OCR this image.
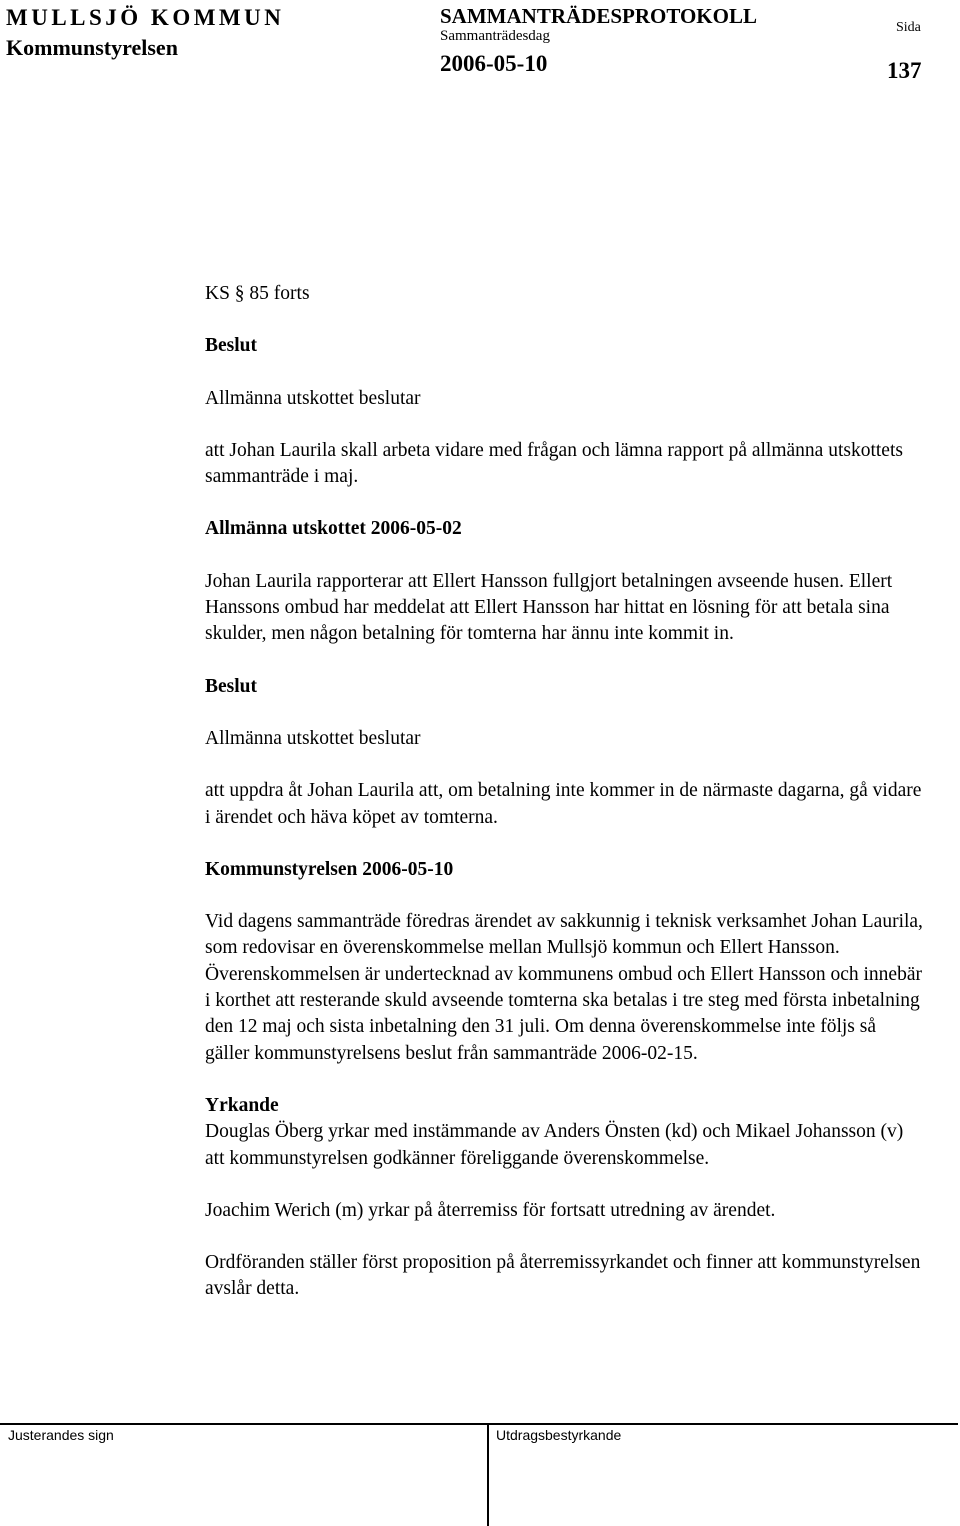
MULLSJÖ KOMMUN
Kommunstyrelsen
SAMMANTRÄDESPROTOKOLL
Sammanträdesdag
2006-05-10
Sida
137

KS § 85 forts

Beslut

Allmänna utskottet beslutar

att Johan Laurila skall arbeta vidare med frågan och lämna rapport på allmänna utskottets sammanträde i maj.

Allmänna utskottet 2006-05-02

Johan Laurila rapporterar att Ellert Hansson fullgjort betalningen avseende husen. Ellert Hanssons ombud har meddelat att Ellert Hansson har hittat en lösning för att betala sina skulder, men någon betalning för tomterna har ännu inte kommit in.

Beslut

Allmänna utskottet beslutar

att uppdra åt Johan Laurila att, om betalning inte kommer in de närmaste dagarna, gå vidare i ärendet och häva köpet av tomterna.

Kommunstyrelsen 2006-05-10

Vid dagens sammanträde föredras ärendet av sakkunnig i teknisk verksamhet Johan Laurila, som redovisar en överenskommelse mellan Mullsjö kommun och Ellert Hansson. Överenskommelsen är undertecknad av kommunens ombud och Ellert Hansson och innebär i korthet att resterande skuld avseende tomterna ska betalas i tre steg med första inbetalning den 12 maj och sista inbetalning den 31 juli. Om denna överenskommelse inte följs så gäller kommunstyrelsens beslut från sammanträde 2006-02-15.

Yrkande

Douglas Öberg yrkar med instämmande av Anders Önsten (kd) och Mikael Johansson (v) att kommunstyrelsen godkänner föreliggande överenskommelse.

Joachim Werich (m) yrkar på återremiss för fortsatt utredning av ärendet.

Ordföranden ställer först proposition på återremissyrkandet och finner att kommunstyrelsen avslår detta.

Justerandes sign	Utdragsbestyrkande
